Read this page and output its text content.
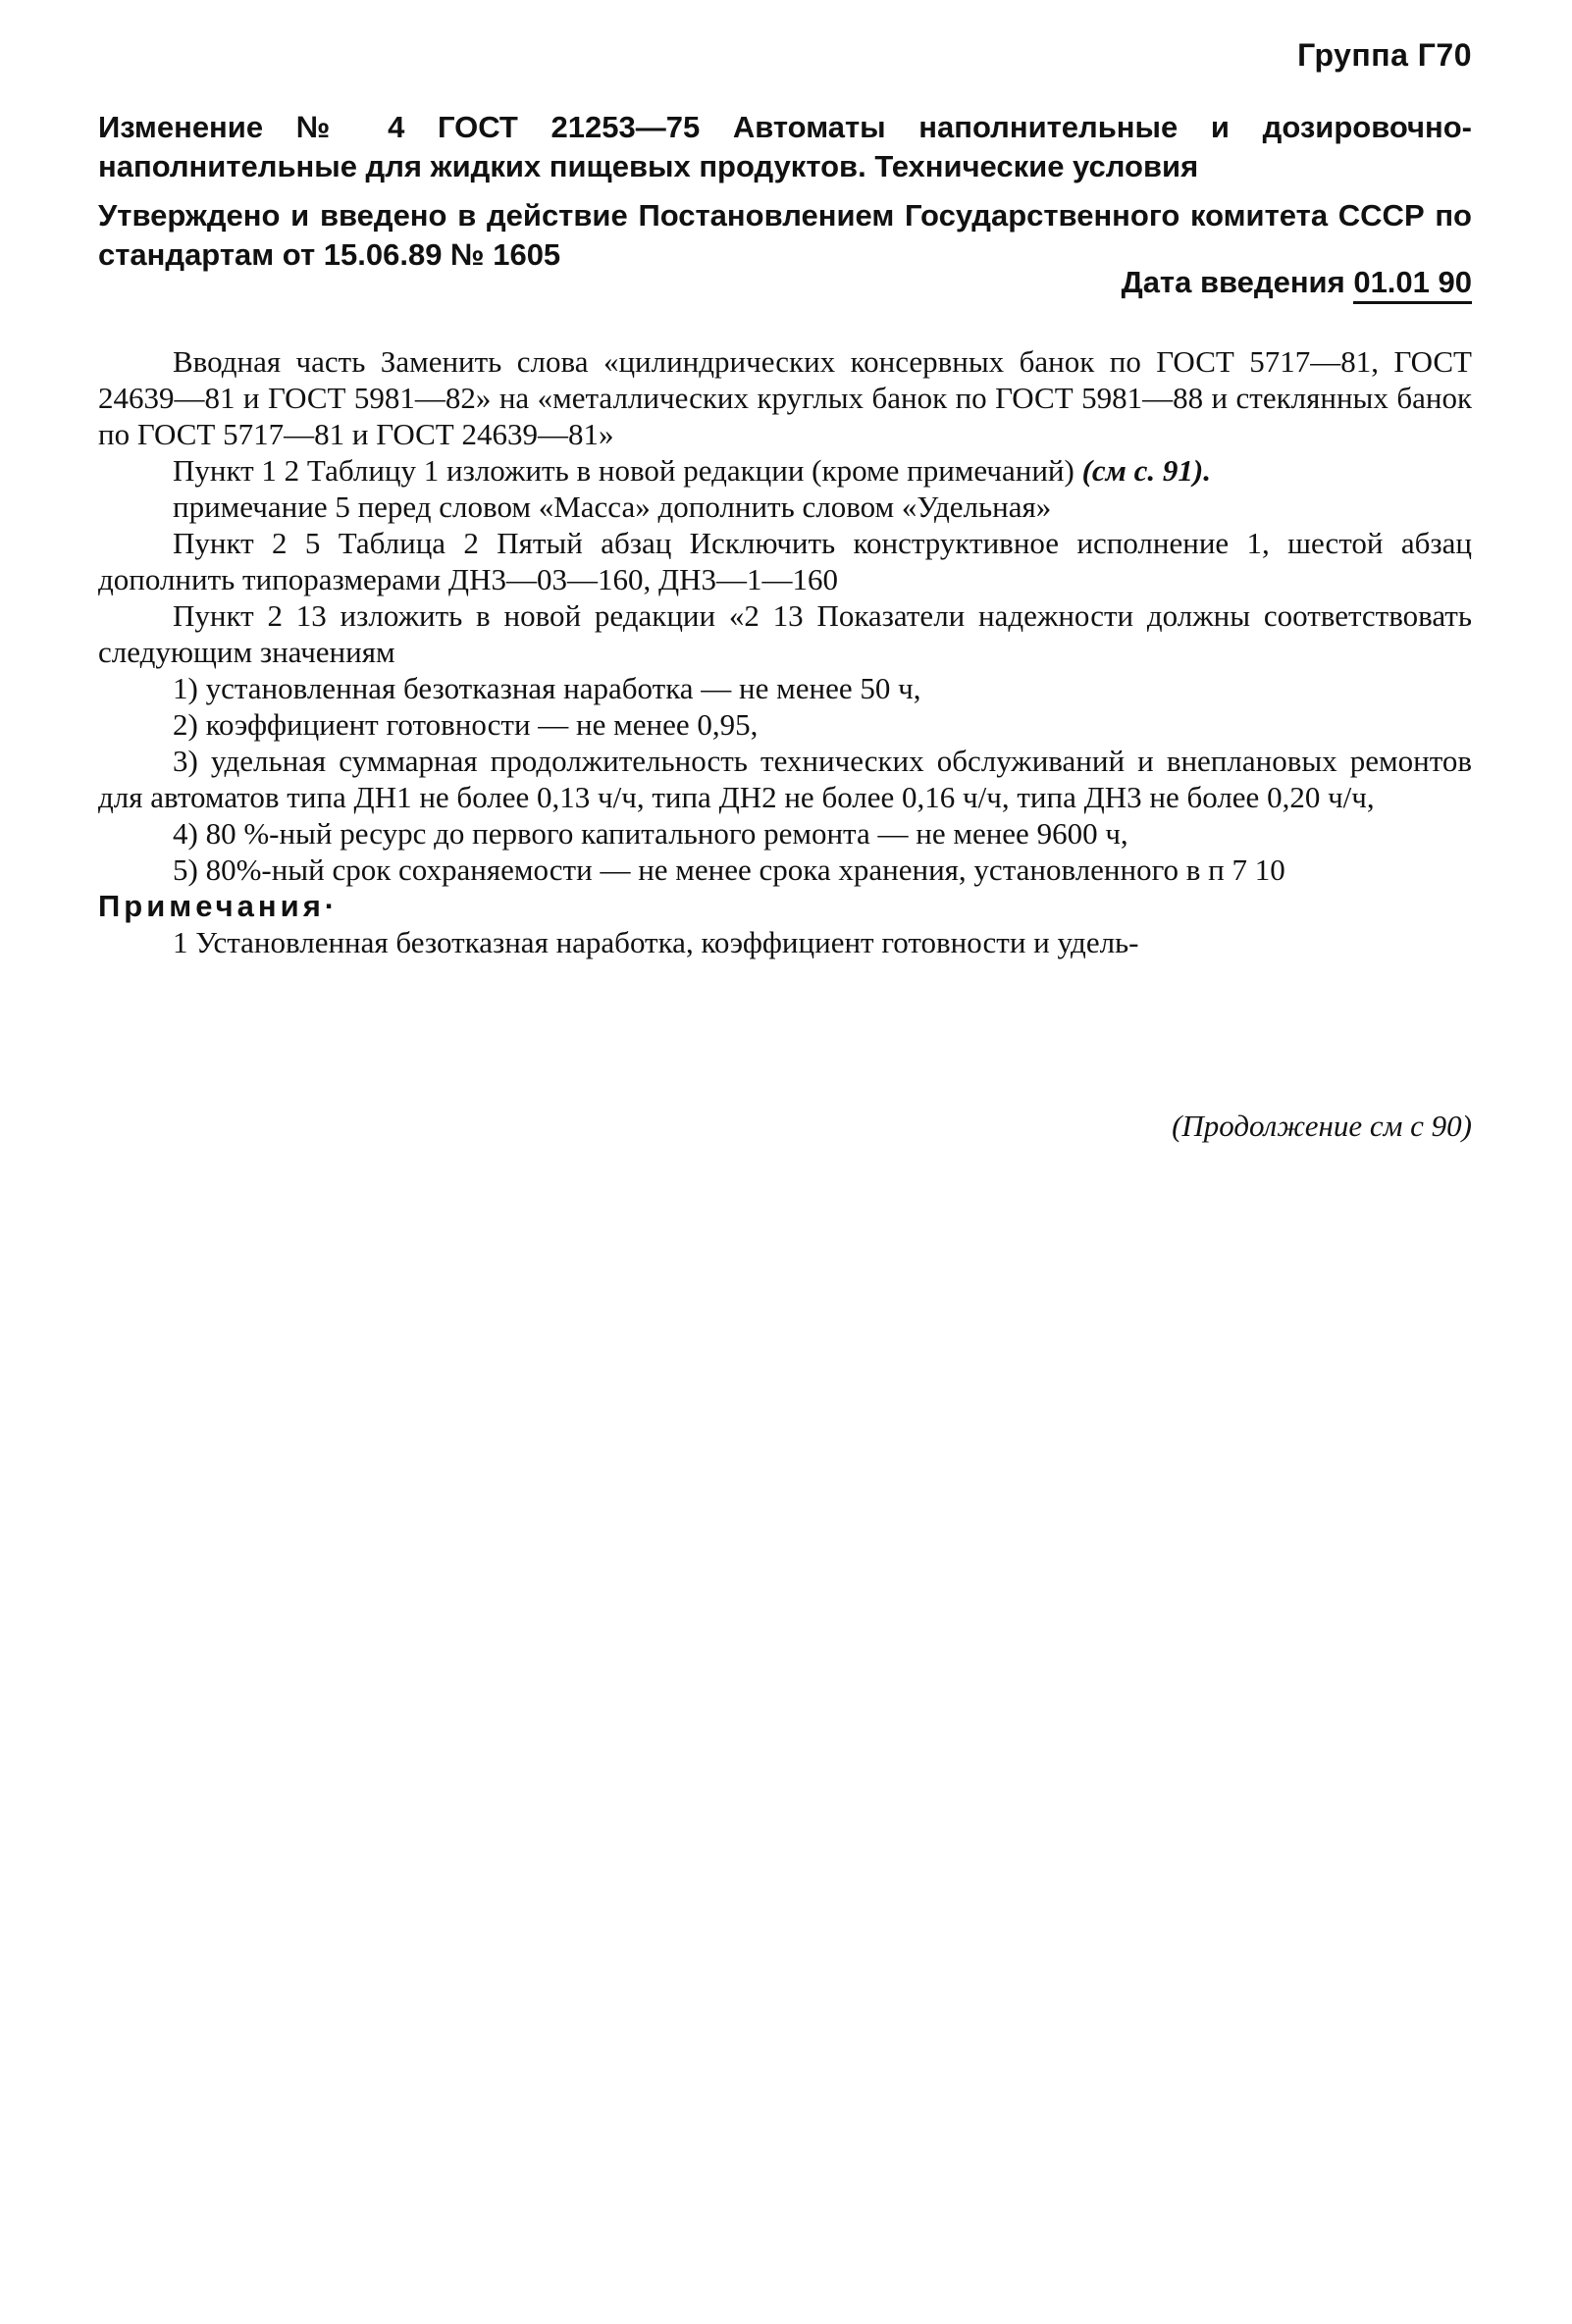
Группа Г70
Изменение № 4 ГОСТ 21253—75 Автоматы наполнительные и дозировочно-наполнительные для жидких пищевых продуктов. Технические условия
Утверждено и введено в действие Постановлением Государственного комитета СССР по стандартам от 15.06.89 № 1605
Дата введения 01.01 90

Вводная часть Заменить слова «цилиндрических консервных банок по ГОСТ 5717—81, ГОСТ 24639—81 и ГОСТ 5981—82» на «металлических круглых банок по ГОСТ 5981—88 и стеклянных банок по ГОСТ 5717—81 и ГОСТ 24639—81»

Пункт 1 2 Таблицу 1 изложить в новой редакции (кроме примечаний) (см с. 91).

примечание 5 перед словом «Масса» дополнить словом «Удельная»

Пункт 2 5 Таблица 2 Пятый абзац Исключить конструктивное исполнение 1, шестой абзац дополнить типоразмерами ДН3—03—160, ДН3—1—160

Пункт 2 13 изложить в новой редакции «2 13 Показатели надежности должны соответствовать следующим значениям

1) установленная безотказная наработка — не менее 50 ч,

2) коэффициент готовности — не менее 0,95,

3) удельная суммарная продолжительность технических обслуживаний и внеплановых ремонтов для автоматов типа ДН1 не более 0,13 ч/ч, типа ДН2 не более 0,16 ч/ч, типа ДН3 не более 0,20 ч/ч,

4) 80 %-ный ресурс до первого капитального ремонта — не менее 9600 ч,

5) 80%-ный срок сохраняемости — не менее срока хранения, установленного в п 7 10

Примечания·

1 Установленная безотказная наработка, коэффициент готовности и удель-

(Продолжение см с 90)
